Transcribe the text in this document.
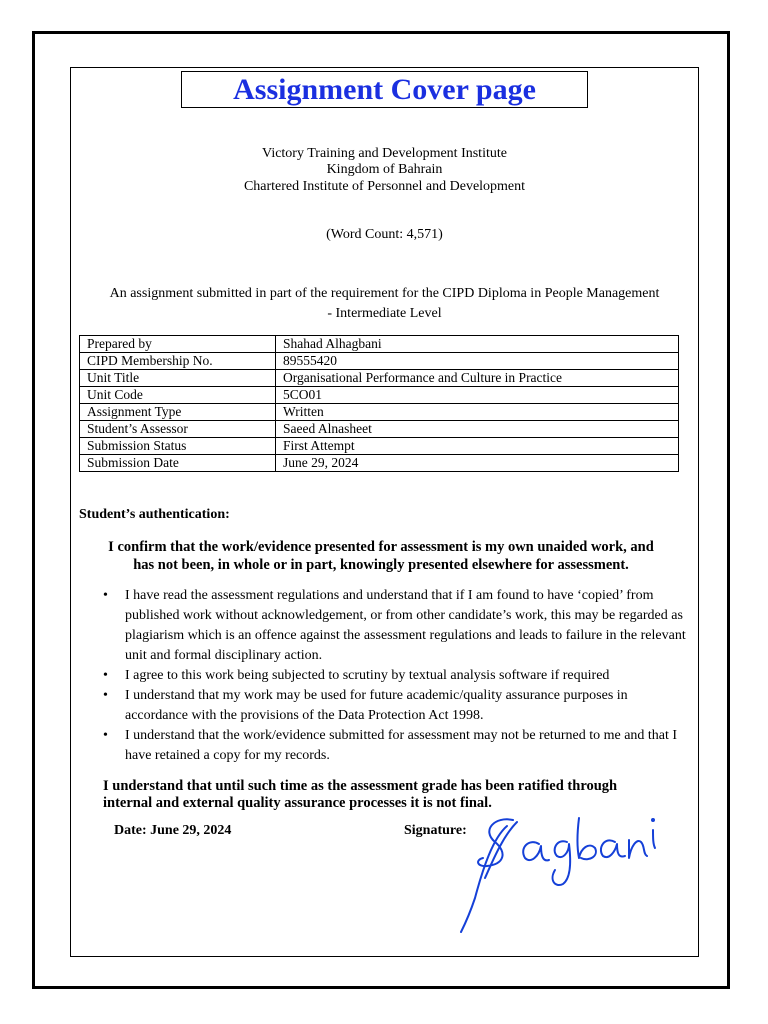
Assignment Cover page
Victory Training and Development Institute
Kingdom of Bahrain
Chartered Institute of Personnel and Development
(Word Count: 4,571)
An assignment submitted in part of the requirement for the CIPD Diploma in People Management
- Intermediate Level
Prepared by	Shahad Alhagbani
CIPD Membership No.	89555420
Unit Title	Organisational Performance and Culture in Practice
Unit Code	5CO01
Assignment Type	Written
Student’s Assessor	Saeed Alnasheet
Submission Status	First Attempt
Submission Date	June 29, 2024
Student’s authentication:
I confirm that the work/evidence presented for assessment is my own unaided work, and
has not been, in whole or in part, knowingly presented elsewhere for assessment.
• I have read the assessment regulations and understand that if I am found to have ‘copied’ from published work without acknowledgement, or from other candidate’s work, this may be regarded as plagiarism which is an offence against the assessment regulations and leads to failure in the relevant unit and formal disciplinary action.
• I agree to this work being subjected to scrutiny by textual analysis software if required
• I understand that my work may be used for future academic/quality assurance purposes in accordance with the provisions of the Data Protection Act 1998.
• I understand that the work/evidence submitted for assessment may not be returned to me and that I have retained a copy for my records.
I understand that until such time as the assessment grade has been ratified through
internal and external quality assurance processes it is not final.
Date: June 29, 2024	Signature:
